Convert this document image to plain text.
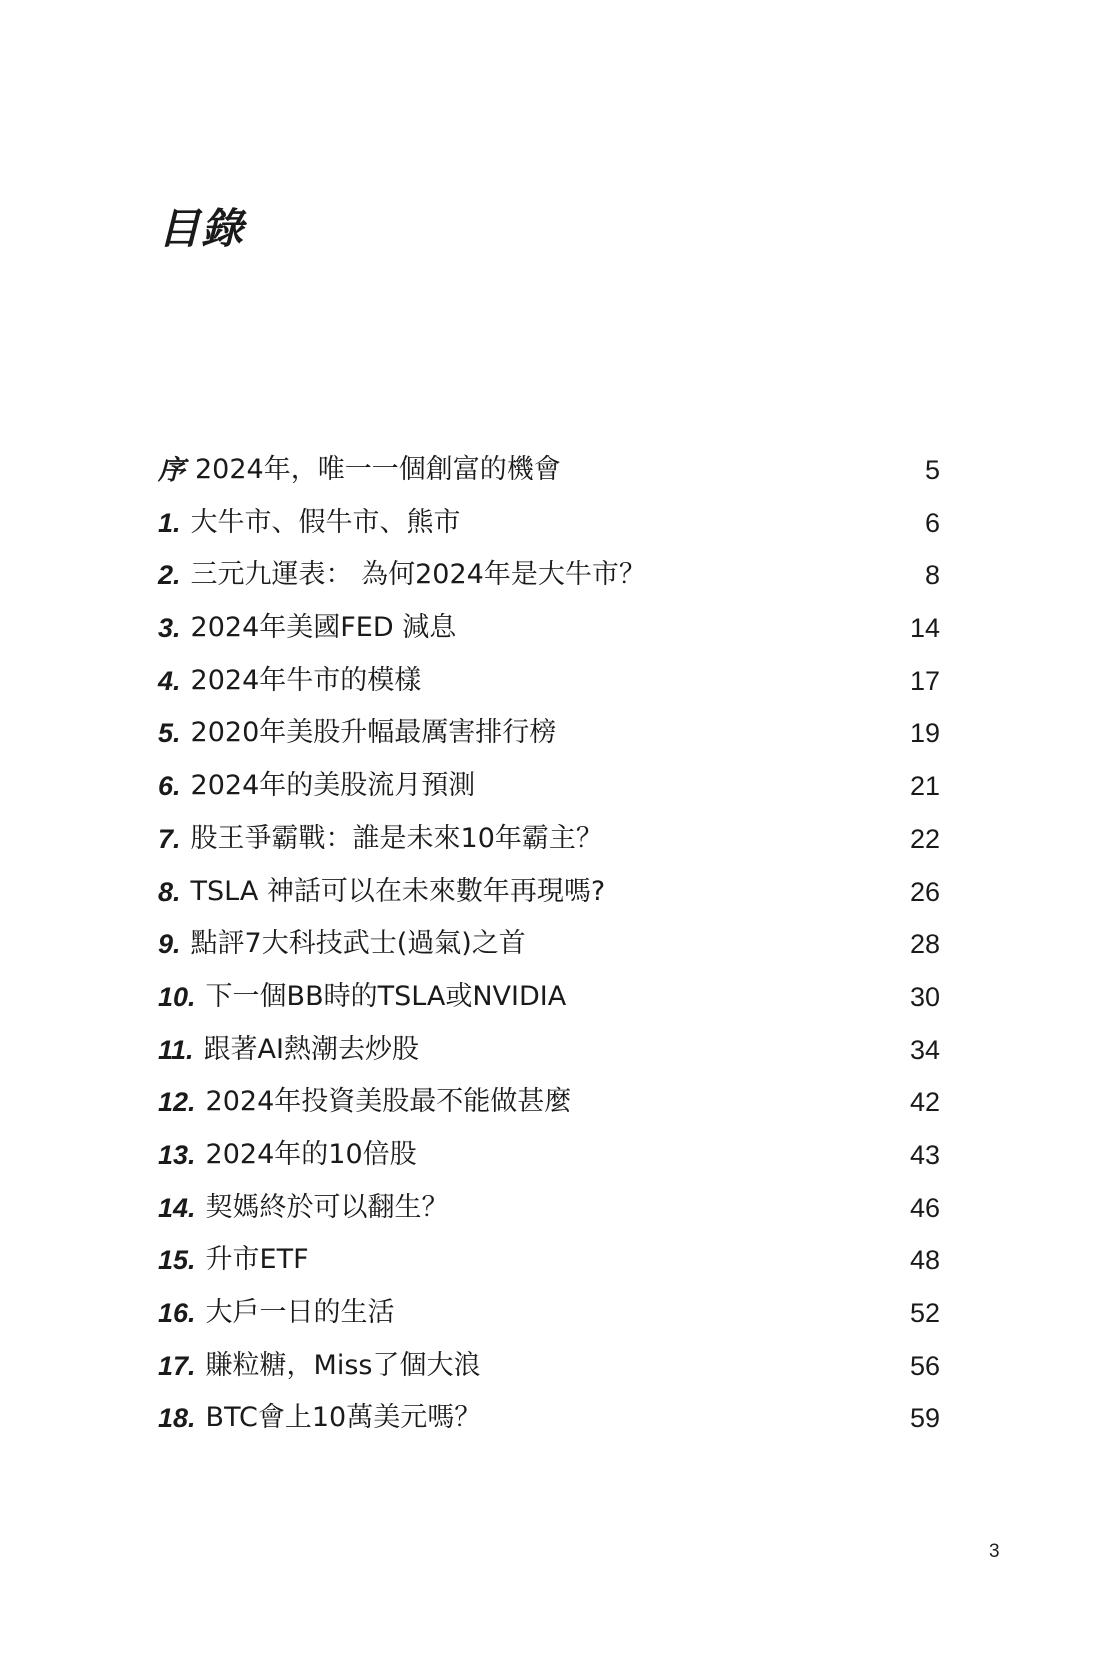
目錄
序 2024年，唯一一個創富的機會	5
1. 大牛市、假牛市、熊市	6
2. 三元九運表： 為何2024年是大牛市？	8
3. 2024年美國FED 減息	14
4. 2024年牛市的模樣	17
5. 2020年美股升幅最厲害排行榜	19
6. 2024年的美股流月預測	21
7. 股王爭霸戰：誰是未來10年霸主？	22
8. TSLA 神話可以在未來數年再現嗎?	26
9. 點評7大科技武士(過氣)之首	28
10. 下一個BB時的TSLA或NVIDIA	30
11. 跟著AI熱潮去炒股	34
12. 2024年投資美股最不能做甚麼	42
13. 2024年的10倍股	43
14. 契媽終於可以翻生？	46
15. 升市ETF	48
16. 大戶一日的生活	52
17. 賺粒糖，Miss了個大浪	56
18. BTC會上10萬美元嗎？	59
3
